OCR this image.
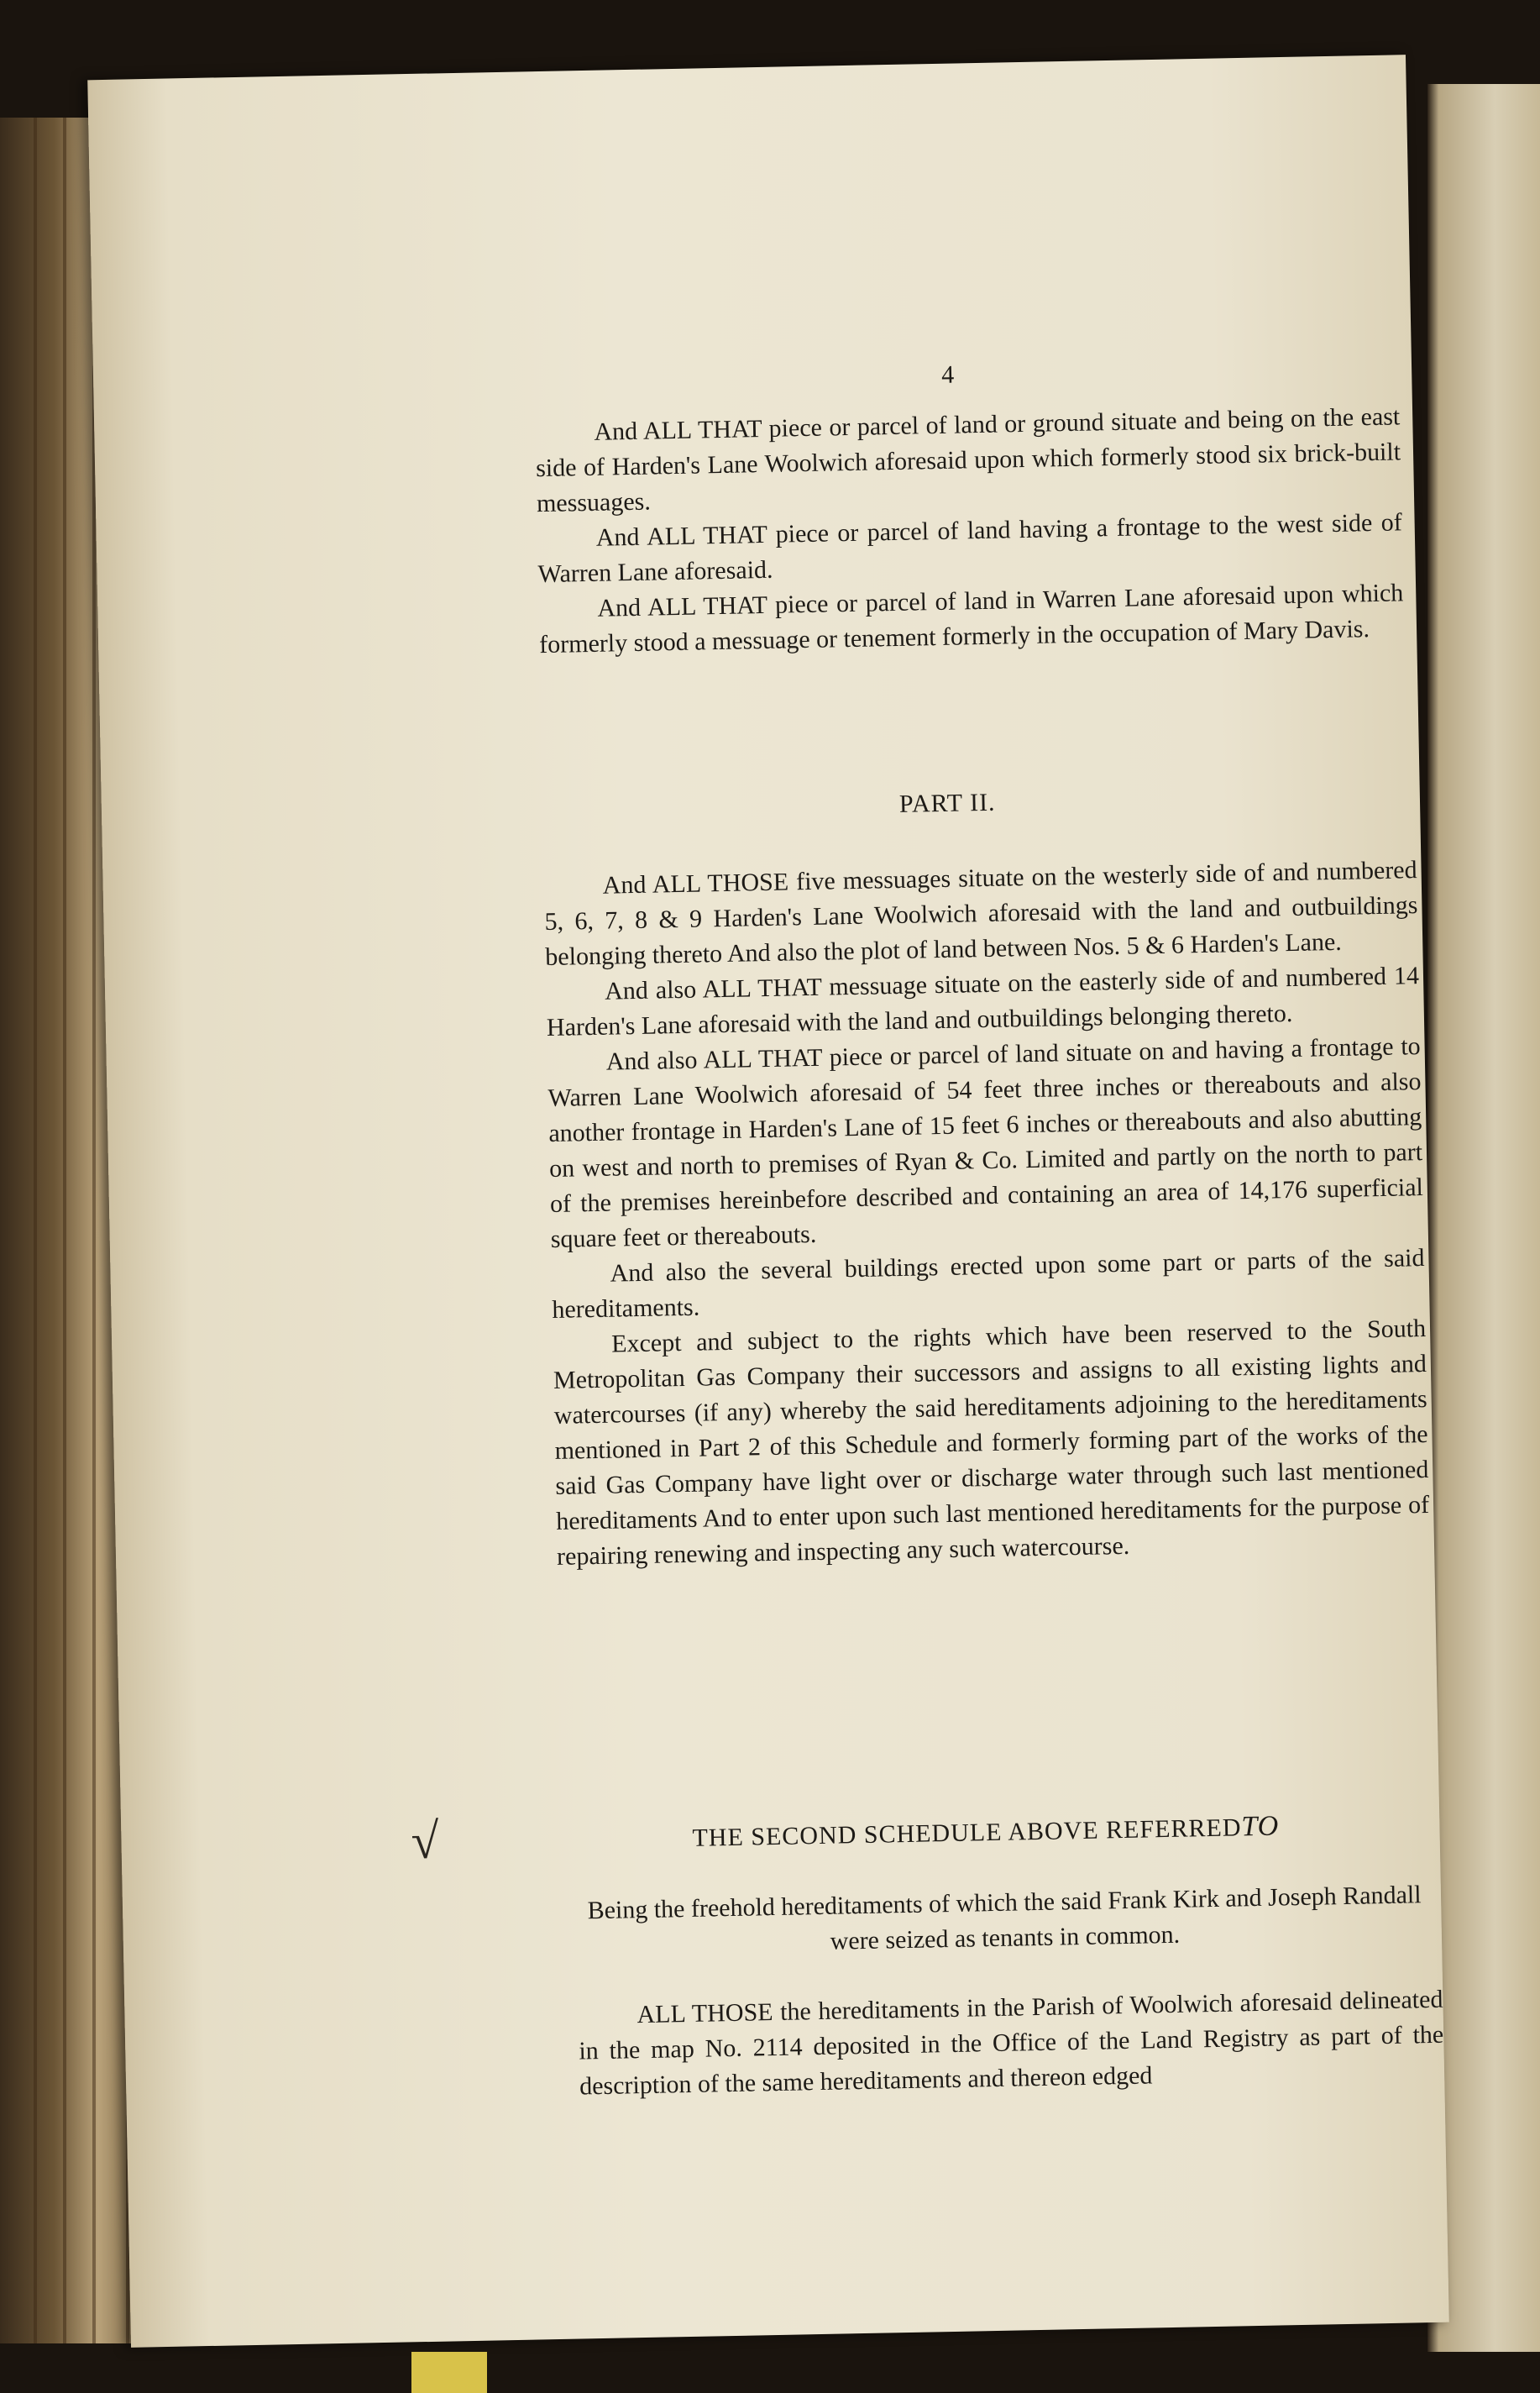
4

And ALL THAT piece or parcel of land or ground situate and being on the east side of Harden's Lane Woolwich aforesaid upon which formerly stood six brick-built messuages.

And ALL THAT piece or parcel of land having a frontage to the west side of Warren Lane aforesaid.

And ALL THAT piece or parcel of land in Warren Lane aforesaid upon which formerly stood a messuage or tenement formerly in the occupation of Mary Davis.

PART II.

And ALL THOSE five messuages situate on the westerly side of and numbered 5, 6, 7, 8 & 9 Harden's Lane Woolwich aforesaid with the land and outbuildings belonging thereto And also the plot of land between Nos. 5 & 6 Harden's Lane.

And also ALL THAT messuage situate on the easterly side of and numbered 14 Harden's Lane aforesaid with the land and outbuildings belonging thereto.

And also ALL THAT piece or parcel of land situate on and having a frontage to Warren Lane Woolwich aforesaid of 54 feet three inches or thereabouts and also another frontage in Harden's Lane of 15 feet 6 inches or thereabouts and also abutting on west and north to premises of Ryan & Co. Limited and partly on the north to part of the premises hereinbefore described and containing an area of 14,176 superficial square feet or thereabouts.

And also the several buildings erected upon some part or parts of the said hereditaments.

Except and subject to the rights which have been reserved to the South Metropolitan Gas Company their successors and assigns to all existing lights and watercourses (if any) whereby the said hereditaments adjoining to the hereditaments mentioned in Part 2 of this Schedule and formerly forming part of the works of the said Gas Company have light over or discharge water through such last mentioned hereditaments And to enter upon such last mentioned hereditaments for the purpose of repairing renewing and inspecting any such watercourse.

√	THE SECOND SCHEDULE ABOVE REFERREDTO

Being the freehold hereditaments of which the said Frank Kirk and Joseph Randall were seized as tenants in common.

ALL THOSE the hereditaments in the Parish of Woolwich aforesaid delineated in the map No. 2114 deposited in the Office of the Land Registry as part of the description of the same hereditaments and thereon edged
